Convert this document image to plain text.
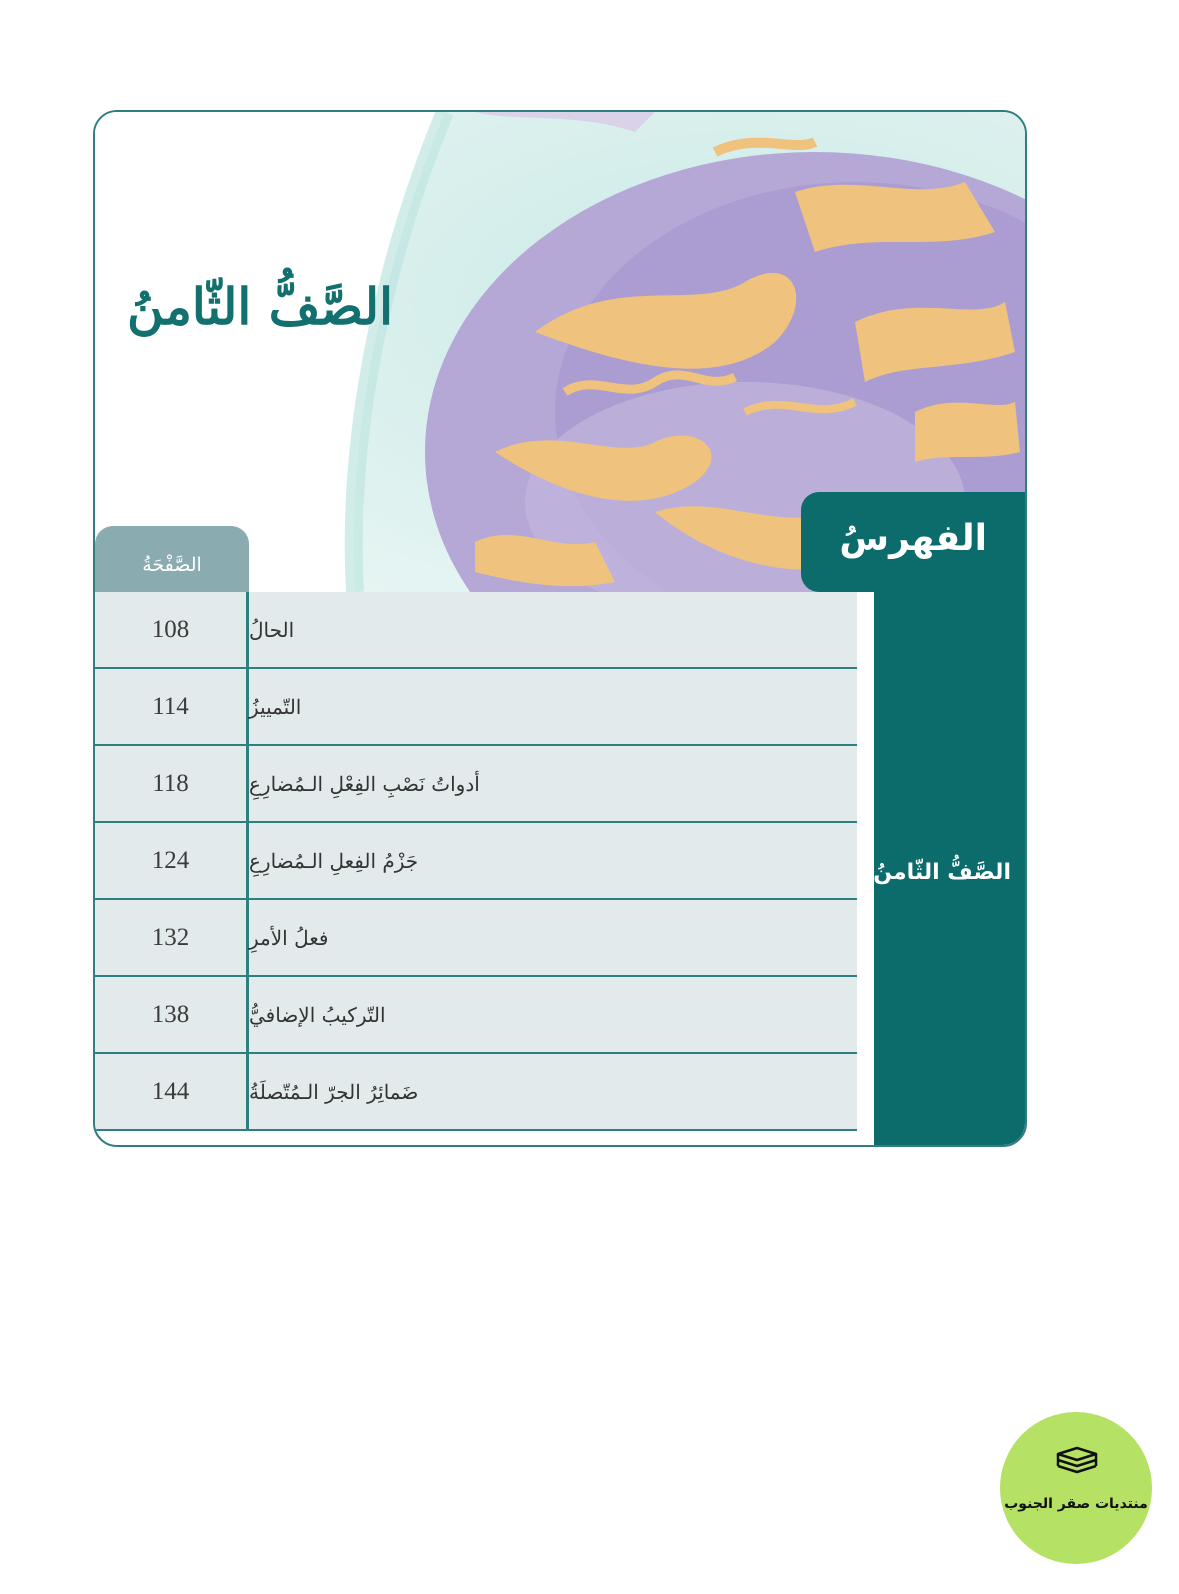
الصَّفُّ الثّامنُ
الفهرسُ
الصَّفْحَةُ
الصَّفُّ الثّامنُ
108	الحالُ
114	التّمييزُ
118	أدواتُ نَصْبِ الفِعْلِ الـمُضارِعِ
124	جَزْمُ الفِعلِ الـمُضارِعِ
132	فعلُ الأمرِ
138	التّركيبُ الإضافيُّ
144	ضَمائِرُ الجرّ الـمُتّصلَةُ
منتديات صقر الجنوب
